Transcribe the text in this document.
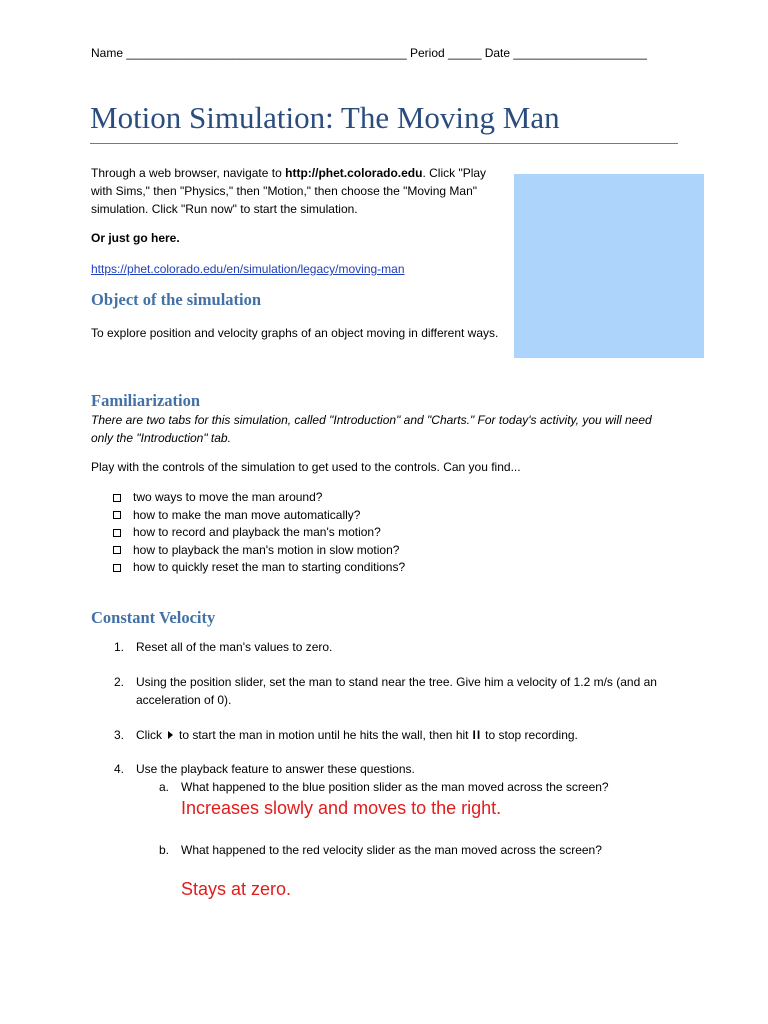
Name __________________________________________ Period _____ Date ____________________
Motion Simulation: The Moving Man
Through a web browser, navigate to http://phet.colorado.edu. Click "Play with Sims," then "Physics," then "Motion," then choose the "Moving Man" simulation. Click "Run now" to start the simulation.
Or just go here.
https://phet.colorado.edu/en/simulation/legacy/moving-man
Object of the simulation
To explore position and velocity graphs of an object moving in different ways.
Familiarization
There are two tabs for this simulation, called "Introduction" and "Charts." For today's activity, you will need only the "Introduction" tab.
Play with the controls of the simulation to get used to the controls. Can you find...
two ways to move the man around?
how to make the man move automatically?
how to record and playback the man's motion?
how to playback the man's motion in slow motion?
how to quickly reset the man to starting conditions?
Constant Velocity
1. Reset all of the man's values to zero.
2. Using the position slider, set the man to stand near the tree. Give him a velocity of 1.2 m/s (and an acceleration of 0).
3. Click to start the man in motion until he hits the wall, then hit II to stop recording.
4. Use the playback feature to answer these questions.
a. What happened to the blue position slider as the man moved across the screen?
Increases slowly and moves to the right.
b. What happened to the red velocity slider as the man moved across the screen?
Stays at zero.
